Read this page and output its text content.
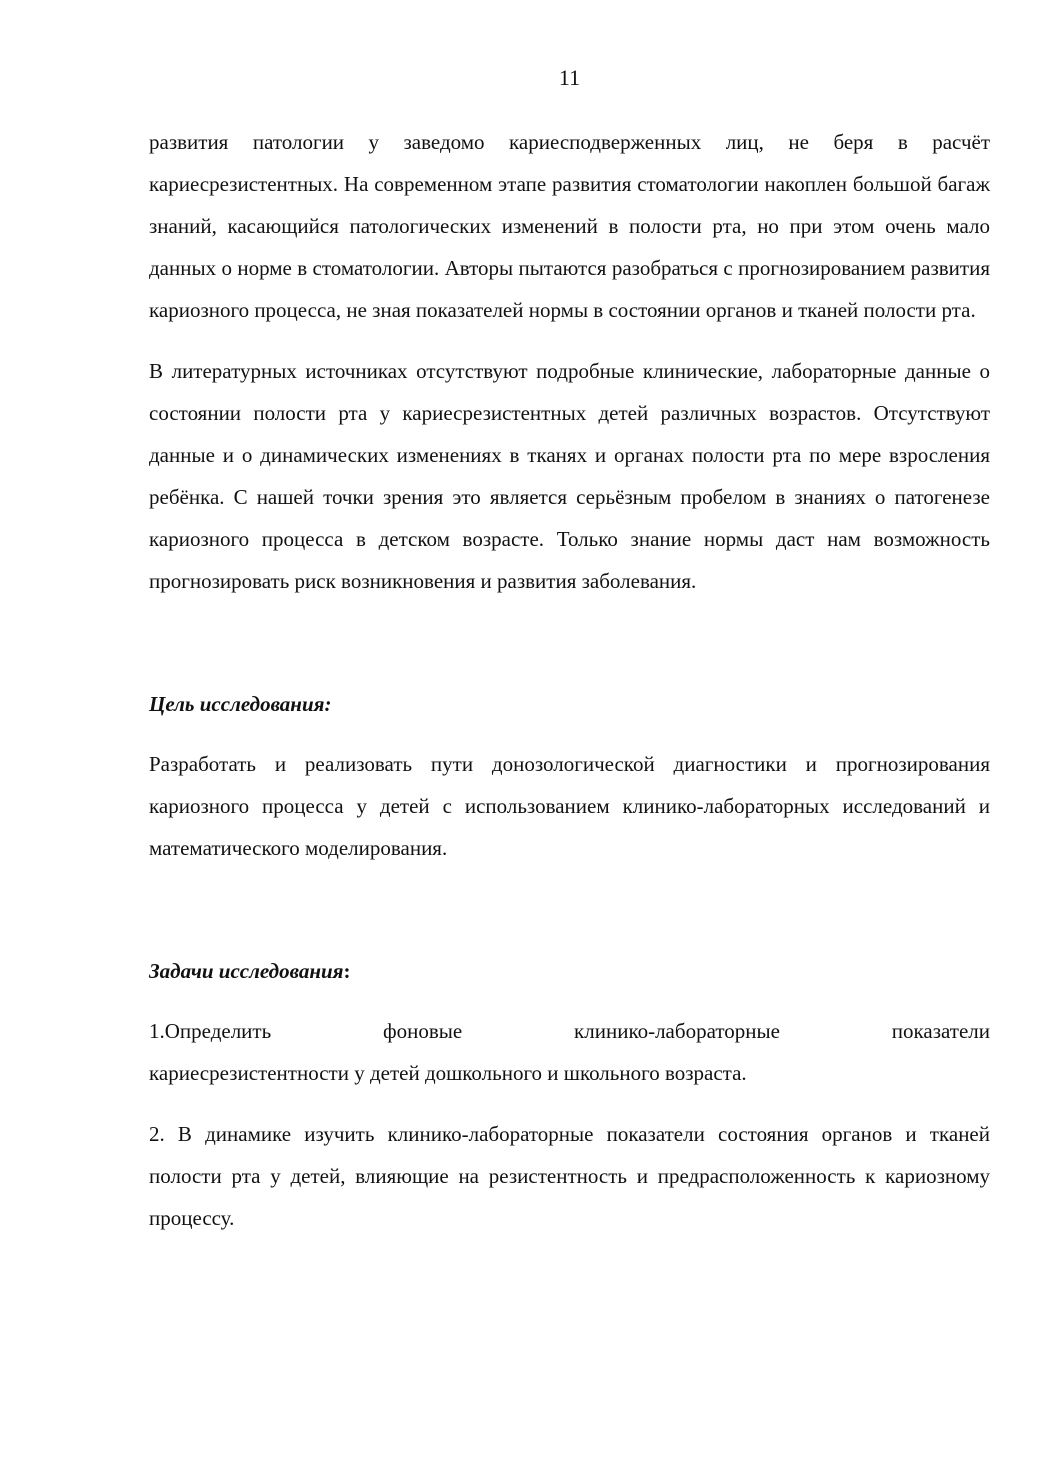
11

развития патологии у заведомо кариесподверженных лиц, не беря в расчёт кариесрезистентных. На современном этапе развития стоматологии накоплен большой багаж знаний, касающийся патологических изменений в полости рта, но при этом очень мало данных о норме в стоматологии. Авторы пытаются разобраться с прогнозированием развития кариозного процесса, не зная показателей нормы в состоянии органов и тканей полости рта.

В литературных источниках отсутствуют подробные клинические, лабораторные данные о состоянии полости рта у кариесрезистентных детей различных возрастов. Отсутствуют данные и о динамических изменениях в тканях и органах полости рта по мере взросления ребёнка. С нашей точки зрения это является серьёзным пробелом в знаниях о патогенезе кариозного процесса в детском возрасте. Только знание нормы даст нам возможность прогнозировать риск возникновения и развития заболевания.

Цель исследования:

Разработать и реализовать пути донозологической диагностики и прогнозирования кариозного процесса у детей с использованием клинико-лабораторных исследований и математического моделирования.

Задачи исследования:

1.Определить фоновые клинико-лабораторные показатели

кариесрезистентности у детей дошкольного и школьного возраста.

2. В динамике изучить клинико-лабораторные показатели состояния органов и тканей полости рта у детей, влияющие на резистентность и предрасположенность к кариозному процессу.
